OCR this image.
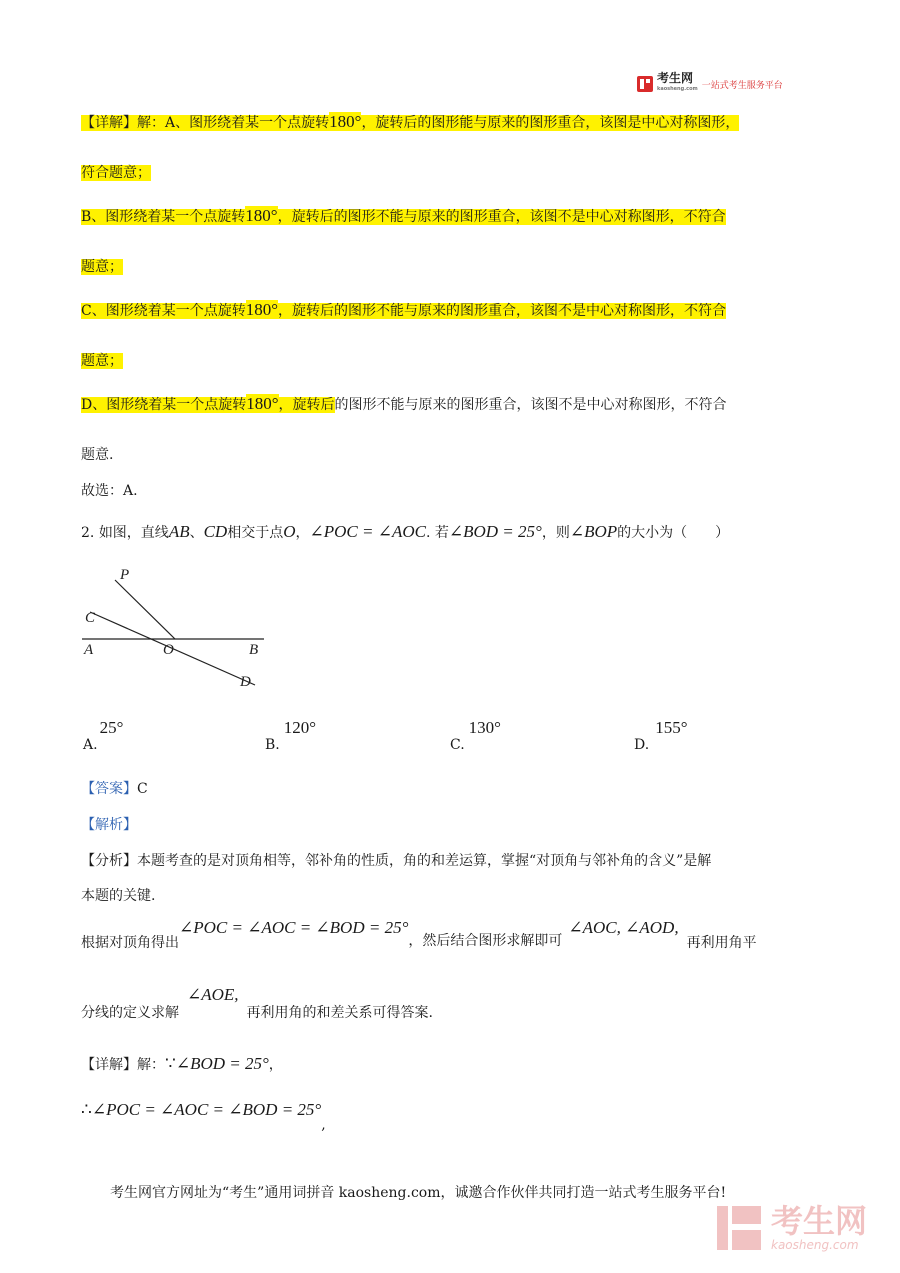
考生网
kaosheng.com 一站式考生服务平台
【详解】解：A、图形绕着某一个点旋转180°，旋转后的图形能与原来的图形重合，该图是中心对称图形，
符合题意；
B、图形绕着某一个点旋转180°，旋转后的图形不能与原来的图形重合，该图不是中心对称图形，不符合
题意；
C、图形绕着某一个点旋转180°，旋转后的图形不能与原来的图形重合，该图不是中心对称图形，不符合
题意；
D、图形绕着某一个点旋转180°，旋转后的图形不能与原来的图形重合，该图不是中心对称图形，不符合
题意.
故选：A.
2. 如图，直线AB、CD相交于点O，∠POC = ∠AOC. 若∠BOD = 25°，则∠BOP的大小为（　　）
P
C
A	O	B
D
A.25°
B.120°
C.130°
D.155°
【答案】C
【解析】
【分析】本题考查的是对顶角相等，邻补角的性质，角的和差运算，掌握“对顶角与邻补角的含义”是解
本题的关键.
根据对顶角得出∠POC = ∠AOC = ∠BOD = 25°，然后结合图形求解即可∠AOC, ∠AOD,再利用角平
分线的定义求解∠AOE,再利用角的和差关系可得答案.
【详解】解：∵∠BOD = 25°，
∴∠POC = ∠AOC = ∠BOD = 25°,
考生网官方网址为“考生”通用词拼音 kaosheng.com，诚邀合作伙伴共同打造一站式考生服务平台!
考生网
kaosheng.com
